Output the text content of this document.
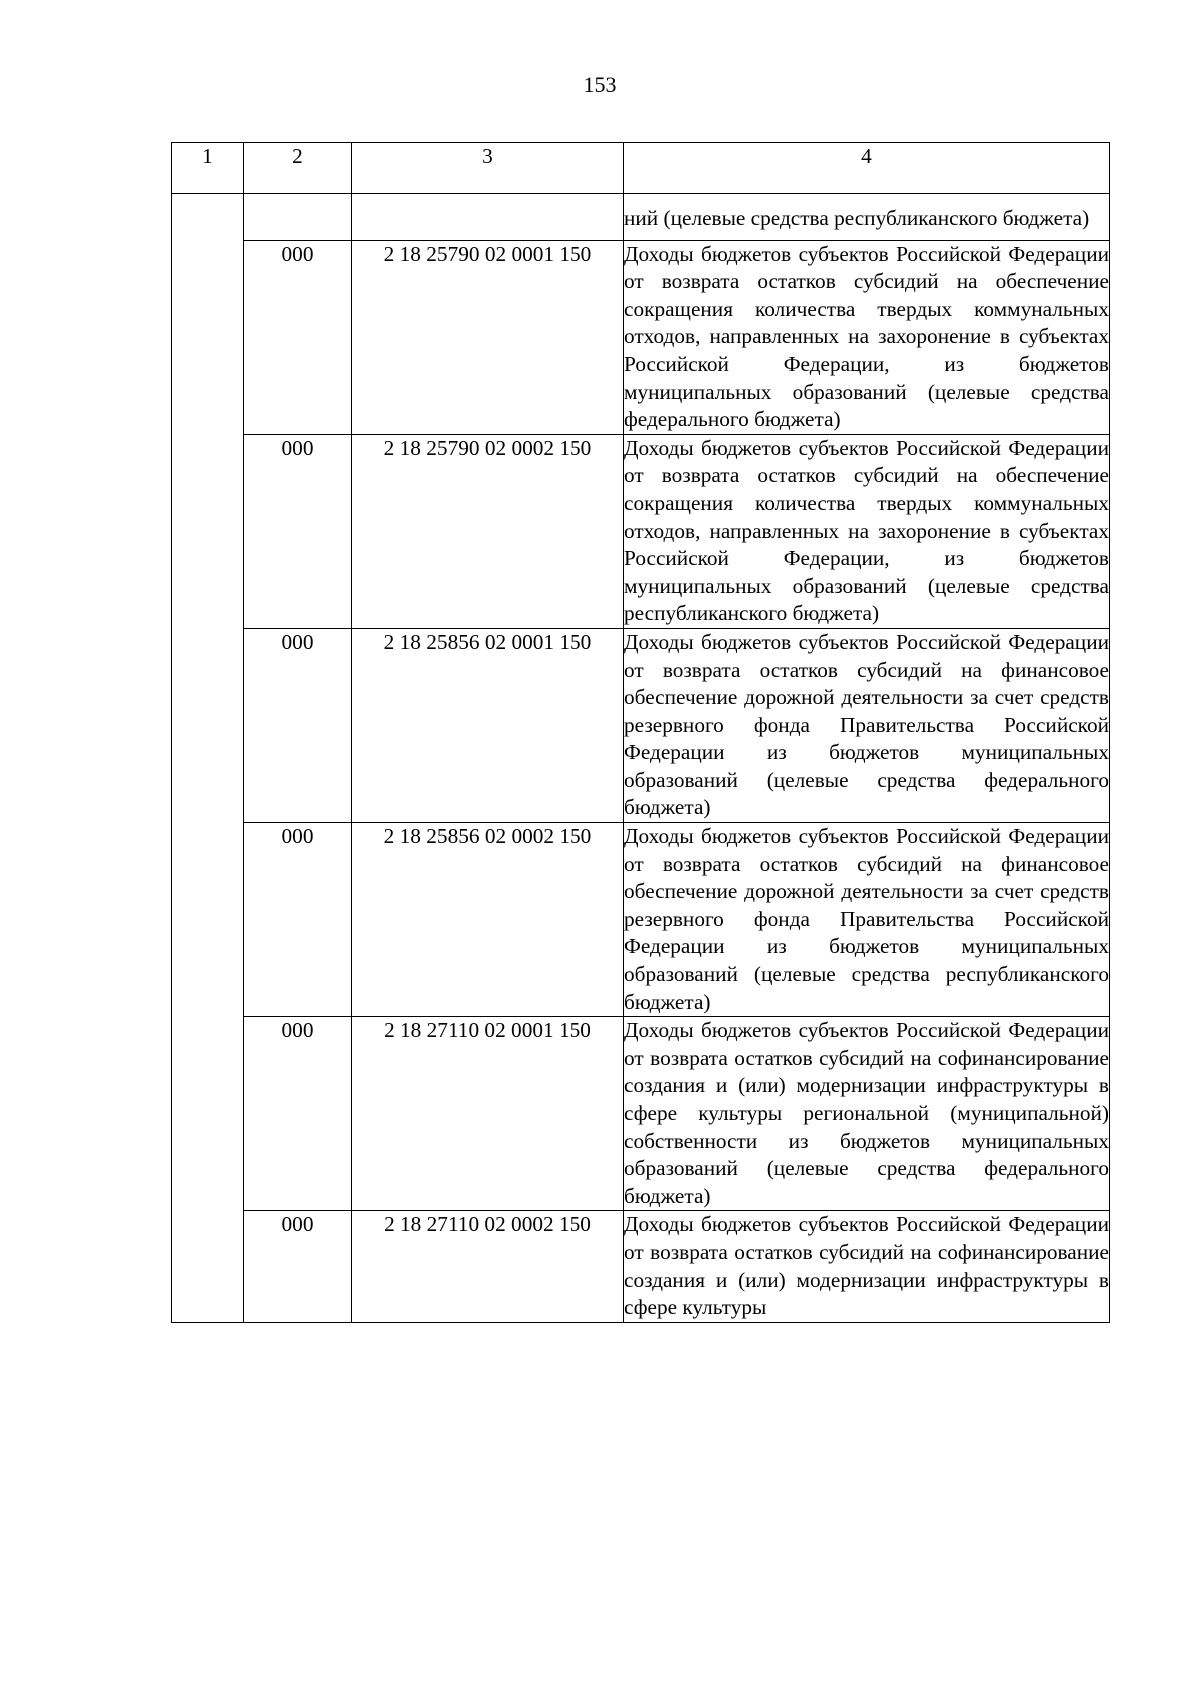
153
1	2	3	4
			ний (целевые средства республиканского бюджета)
	000	2 18 25790 02 0001 150	Доходы бюджетов субъектов Российской Федерации от возврата остатков субсидий на обеспечение сокращения количества твердых коммунальных отходов, направленных на захоронение в субъектах Российской Федерации, из бюджетов муниципальных образований (целевые средства федерального бюджета)
	000	2 18 25790 02 0002 150	Доходы бюджетов субъектов Российской Федерации от возврата остатков субсидий на обеспечение сокращения количества твердых коммунальных отходов, направленных на захоронение в субъектах Российской Федерации, из бюджетов муниципальных образований (целевые средства республиканского бюджета)
	000	2 18 25856 02 0001 150	Доходы бюджетов субъектов Российской Федерации от возврата остатков субсидий на финансовое обеспечение дорожной деятельности за счет средств резервного фонда Правительства Российской Федерации из бюджетов муниципальных образований (целевые средства федерального бюджета)
	000	2 18 25856 02 0002 150	Доходы бюджетов субъектов Российской Федерации от возврата остатков субсидий на финансовое обеспечение дорожной деятельности за счет средств резервного фонда Правительства Российской Федерации из бюджетов муниципальных образований (целевые средства республиканского бюджета)
	000	2 18 27110 02 0001 150	Доходы бюджетов субъектов Российской Федерации от возврата остатков субсидий на софинансирование создания и (или) модернизации инфраструктуры в сфере культуры региональной (муниципальной) собственности из бюджетов муниципальных образований (целевые средства федерального бюджета)
	000	2 18 27110 02 0002 150	Доходы бюджетов субъектов Российской Федерации от возврата остатков субсидий на софинансирование создания и (или) модернизации инфраструктуры в сфере культуры
